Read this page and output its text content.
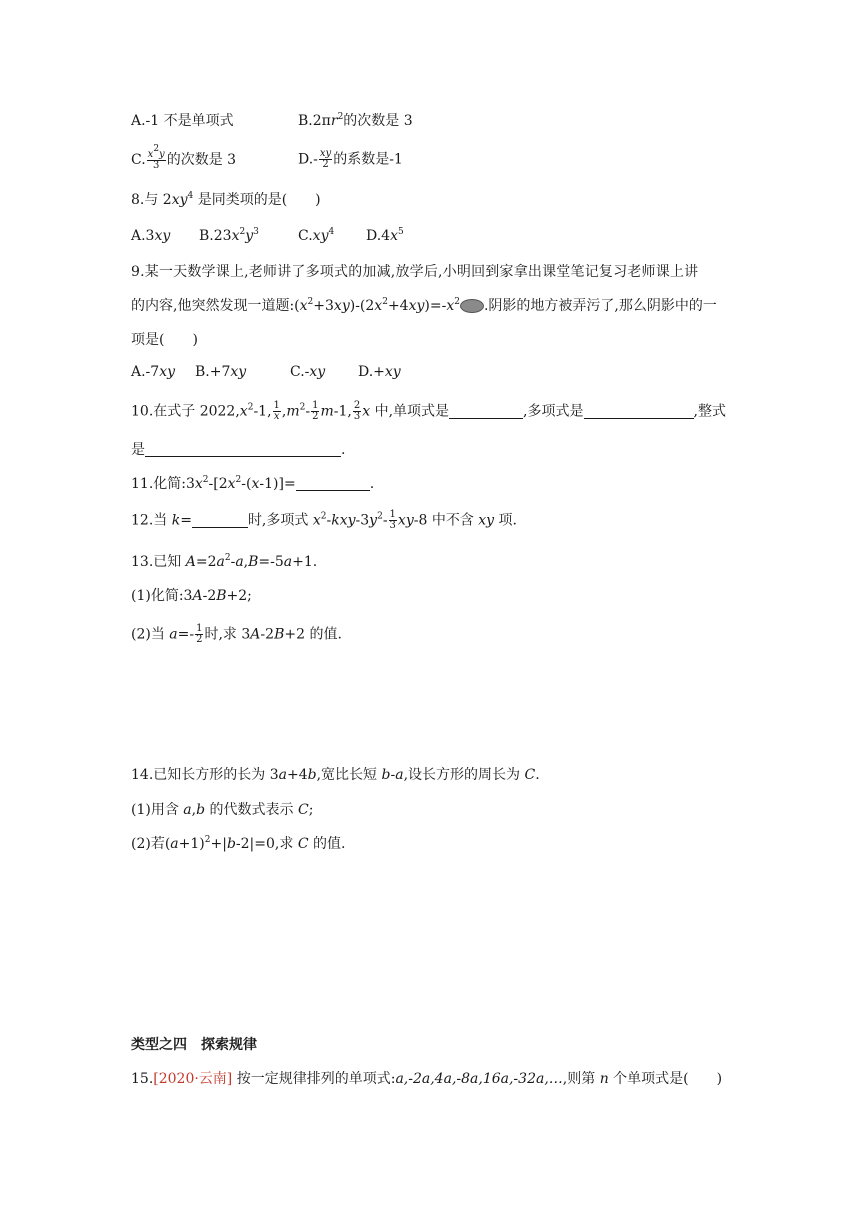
A.-1 不是单项式	$B.2\pi r^2$的次数是 3
C. $\frac{x^2y}{3}$ 的次数是 3	$D.- \frac{xy}{2}$ 的系数是-1
8.与 $2xy^4$ 是同类项的是(　　)
A.3xy $B.23x^2y^3$	$C.xy^4$ $D.4x^5$
9.某一天数学课上,老师讲了多项式的加减,放学后,小明回到家拿出课堂笔记复习老师课上讲
的内容,他突然发现一道题$:(x^2+3xy)-(2x^2+4xy)=-x^2$ .阴影的地方被弄污了,那么阴影中的一
项是(　　)
A.-7xy B.+7xy	C.-xy D.+xy
10.在式子 $2022,x^2-1$, $\frac{1}{x} ,m^2- \frac{1}{2} m-1$, $\frac{2}{3}$ x 中,单项式是	,多项式是	,整式
是	.
11.化简$:3x^2-[2x^2-(x-1)]=$	.
12.当 k=	时,多项式 $x^2-kxy-3y^2- \frac{1}{3} xy-8$ 中不含 xy 项.
13.已知 $A=2a^2-a,B=-5a+1$.
(1)化简:3A-2B+2;
(2)当 $a=- \frac{1}{2}$ 时,求 3A-2B+2 的值.
14.已知长方形的长为 3a+4b,宽比长短 b-a,设长方形的周长为 C.
(1)用含 a,b 的代数式表示 C;
(2)若$(a+1)^2+|b-2|=0$,求 C 的值.
类型之四　探索规律
15.[2020·云南] 按一定规律排列的单项式:a,-2a,4a,-8a,16a,-32a,…,则第 n 个单项式是(　　)
